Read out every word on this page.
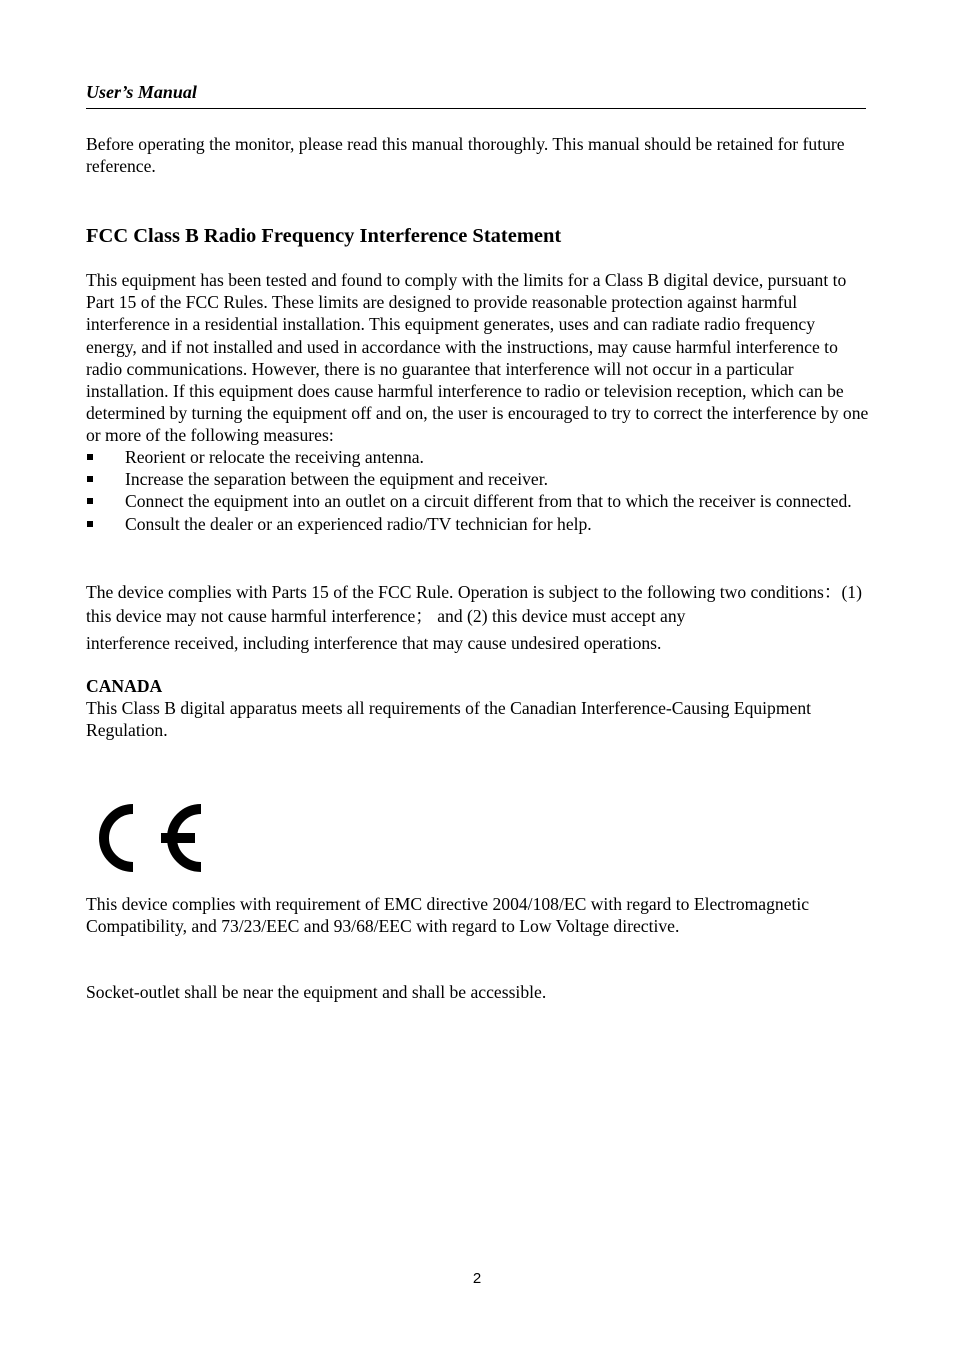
User’s Manual

Before operating the monitor, please read this manual thoroughly. This manual should be retained for future reference.

FCC Class B Radio Frequency Interference Statement

This equipment has been tested and found to comply with the limits for a Class B digital device, pursuant to Part 15 of the FCC Rules. These limits are designed to provide reasonable protection against harmful interference in a residential installation. This equipment generates, uses and can radiate radio frequency energy, and if not installed and used in accordance with the instructions, may cause harmful interference to radio communications. However, there is no guarantee that interference will not occur in a particular installation. If this equipment does cause harmful interference to radio or television reception, which can be determined by turning the equipment off and on, the user is encouraged to try to correct the interference by one or more of the following measures:

Reorient or relocate the receiving antenna.
Increase the separation between the equipment and receiver.
Connect the equipment into an outlet on a circuit different from that to which the receiver is connected.
Consult the dealer or an experienced radio/TV technician for help.

The device complies with Parts 15 of the FCC Rule. Operation is subject to the following two conditions：(1) this device may not cause harmful interference； and (2) this device must accept any
interference received, including interference that may cause undesired operations.

CANADA

This Class B digital apparatus meets all requirements of the Canadian Interference-Causing Equipment Regulation.

This device complies with requirement of EMC directive 2004/108/EC with regard to Electromagnetic Compatibility, and 73/23/EEC and 93/68/EEC with regard to Low Voltage directive.

Socket-outlet shall be near the equipment and shall be accessible.

2
